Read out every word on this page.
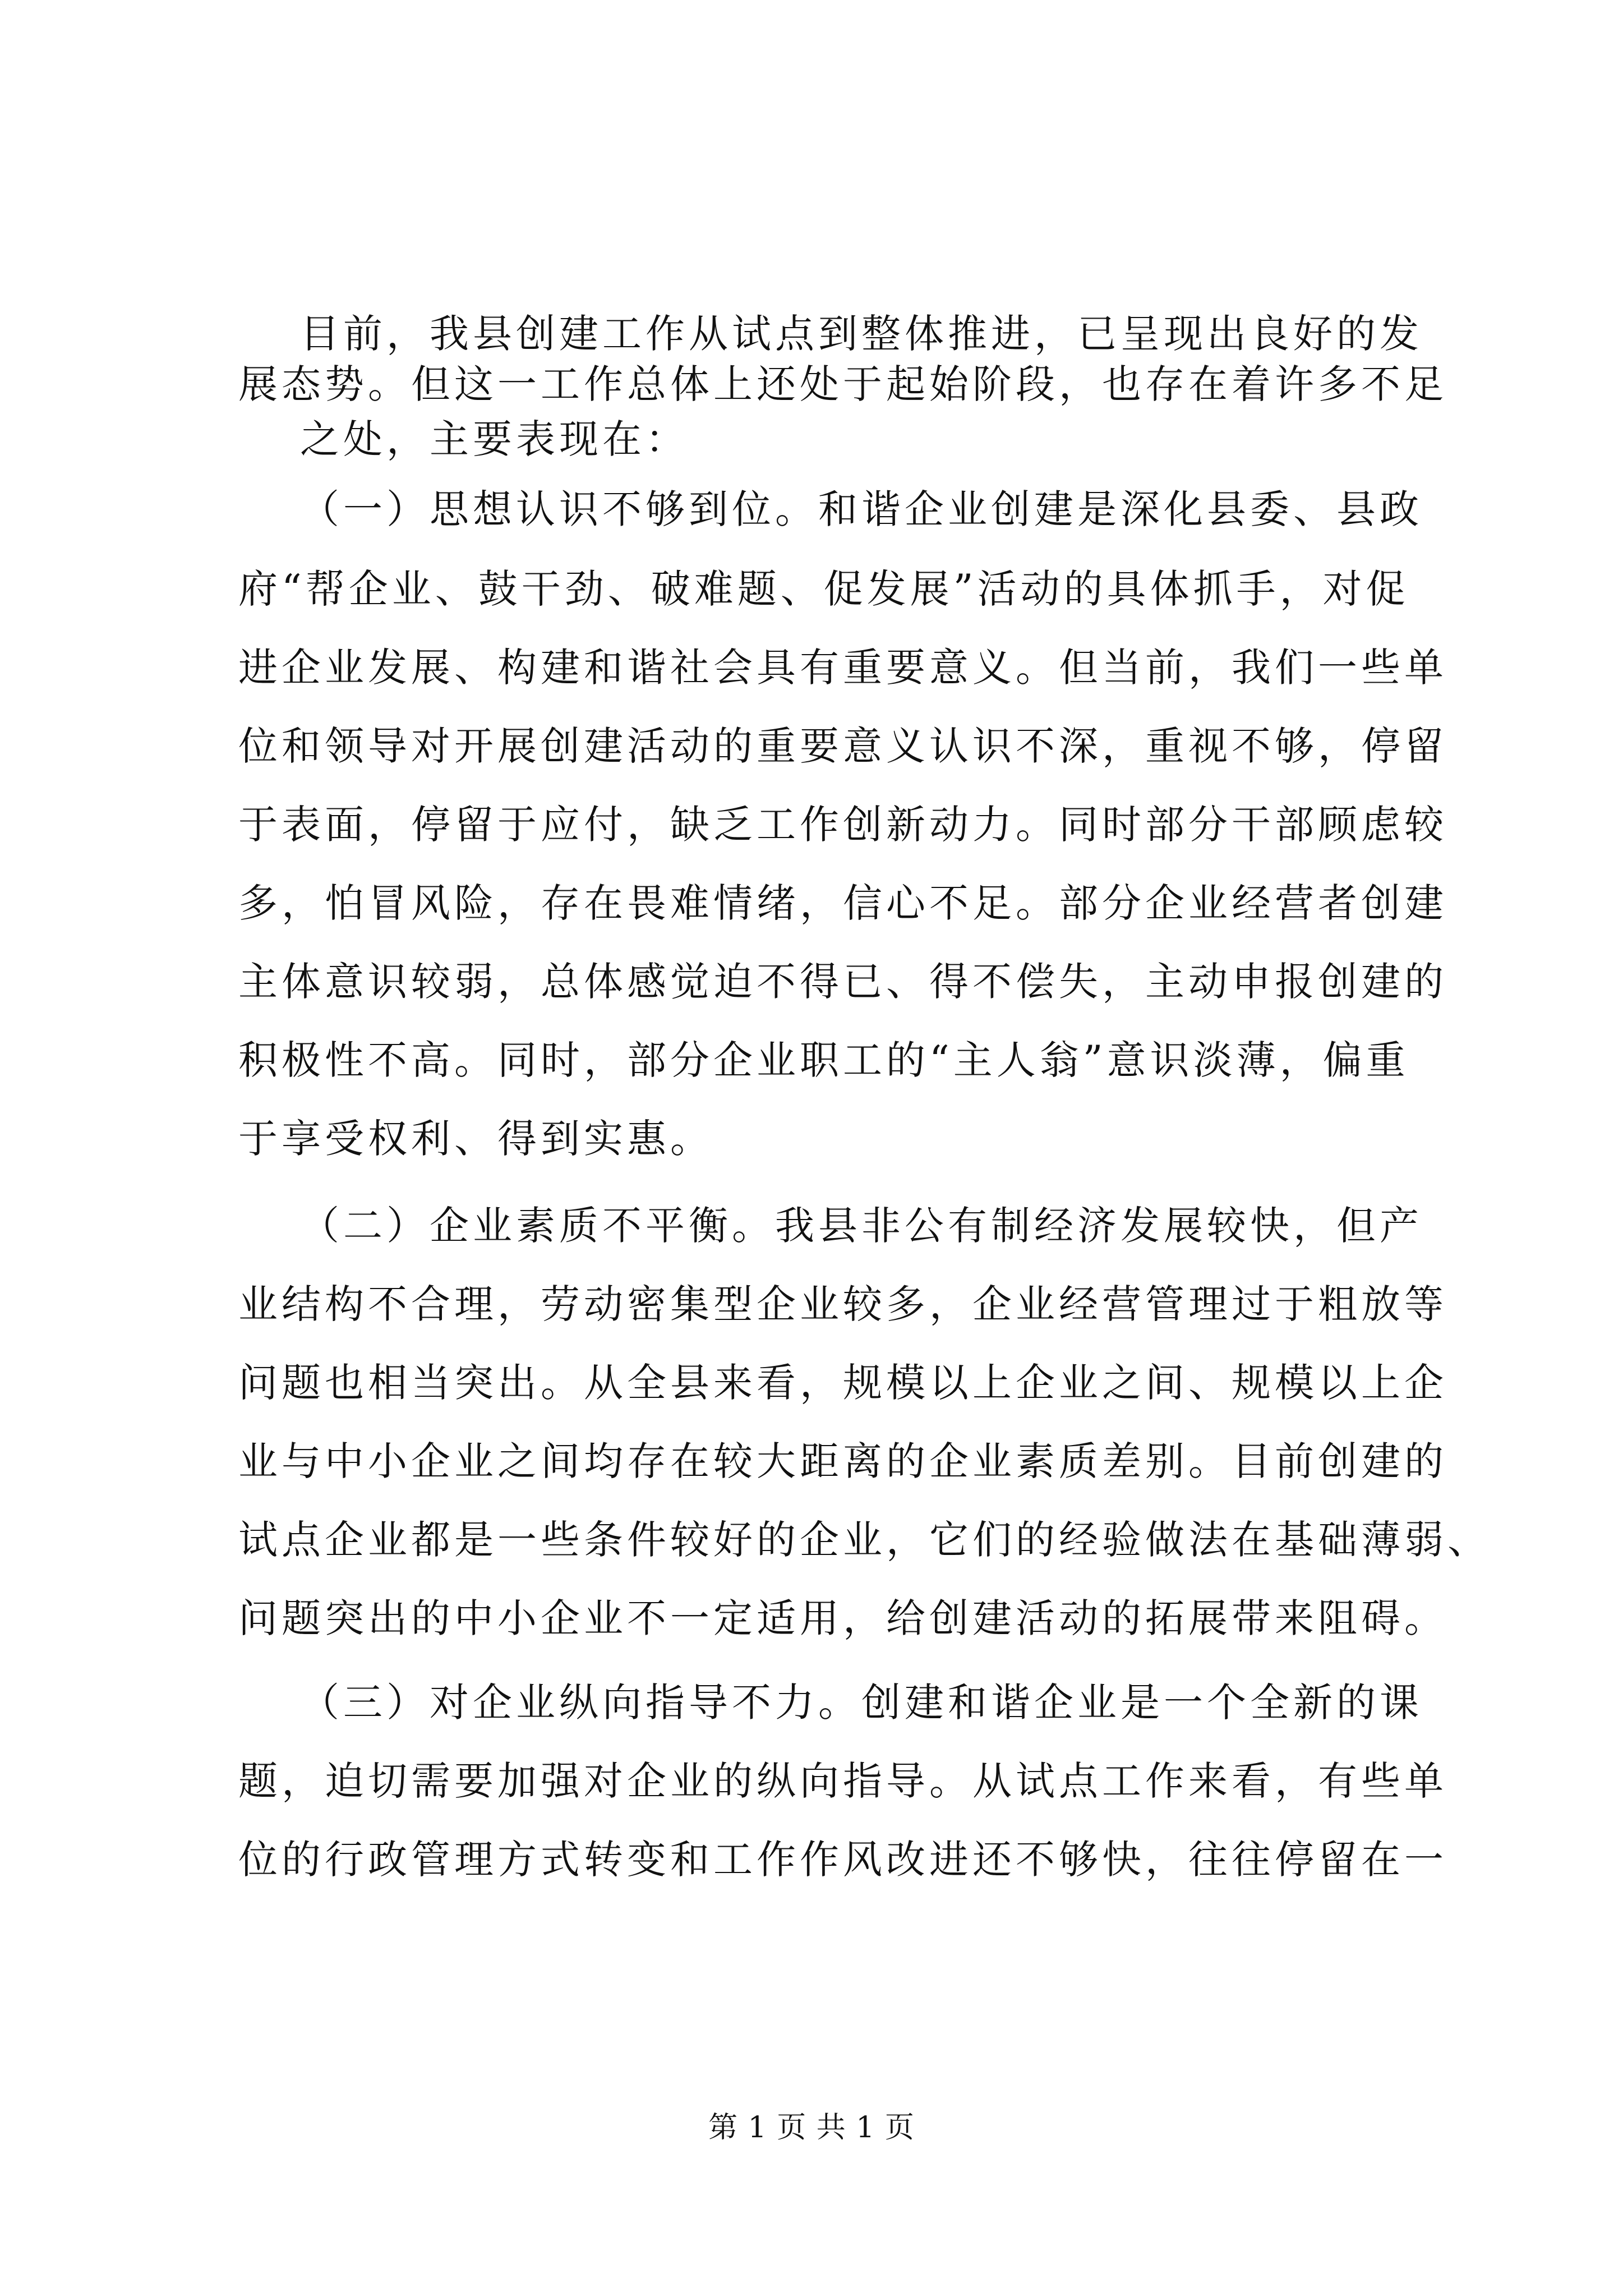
目前，我县创建工作从试点到整体推进，已呈现出良好的发
展态势。但这一工作总体上还处于起始阶段，也存在着许多不足
之处，主要表现在：
（一）思想认识不够到位。和谐企业创建是深化县委、县政
府“帮企业、鼓干劲、破难题、促发展”活动的具体抓手，对促
进企业发展、构建和谐社会具有重要意义。但当前，我们一些单
位和领导对开展创建活动的重要意义认识不深，重视不够，停留
于表面，停留于应付，缺乏工作创新动力。同时部分干部顾虑较
多，怕冒风险，存在畏难情绪，信心不足。部分企业经营者创建
主体意识较弱，总体感觉迫不得已、得不偿失，主动申报创建的
积极性不高。同时，部分企业职工的“主人翁”意识淡薄，偏重
于享受权利、得到实惠。
（二）企业素质不平衡。我县非公有制经济发展较快，但产
业结构不合理，劳动密集型企业较多，企业经营管理过于粗放等
问题也相当突出。从全县来看，规模以上企业之间、规模以上企
业与中小企业之间均存在较大距离的企业素质差别。目前创建的
试点企业都是一些条件较好的企业，它们的经验做法在基础薄弱、
问题突出的中小企业不一定适用，给创建活动的拓展带来阻碍。
（三）对企业纵向指导不力。创建和谐企业是一个全新的课
题，迫切需要加强对企业的纵向指导。从试点工作来看，有些单
位的行政管理方式转变和工作作风改进还不够快，往往停留在一
第 1 页 共 1 页
